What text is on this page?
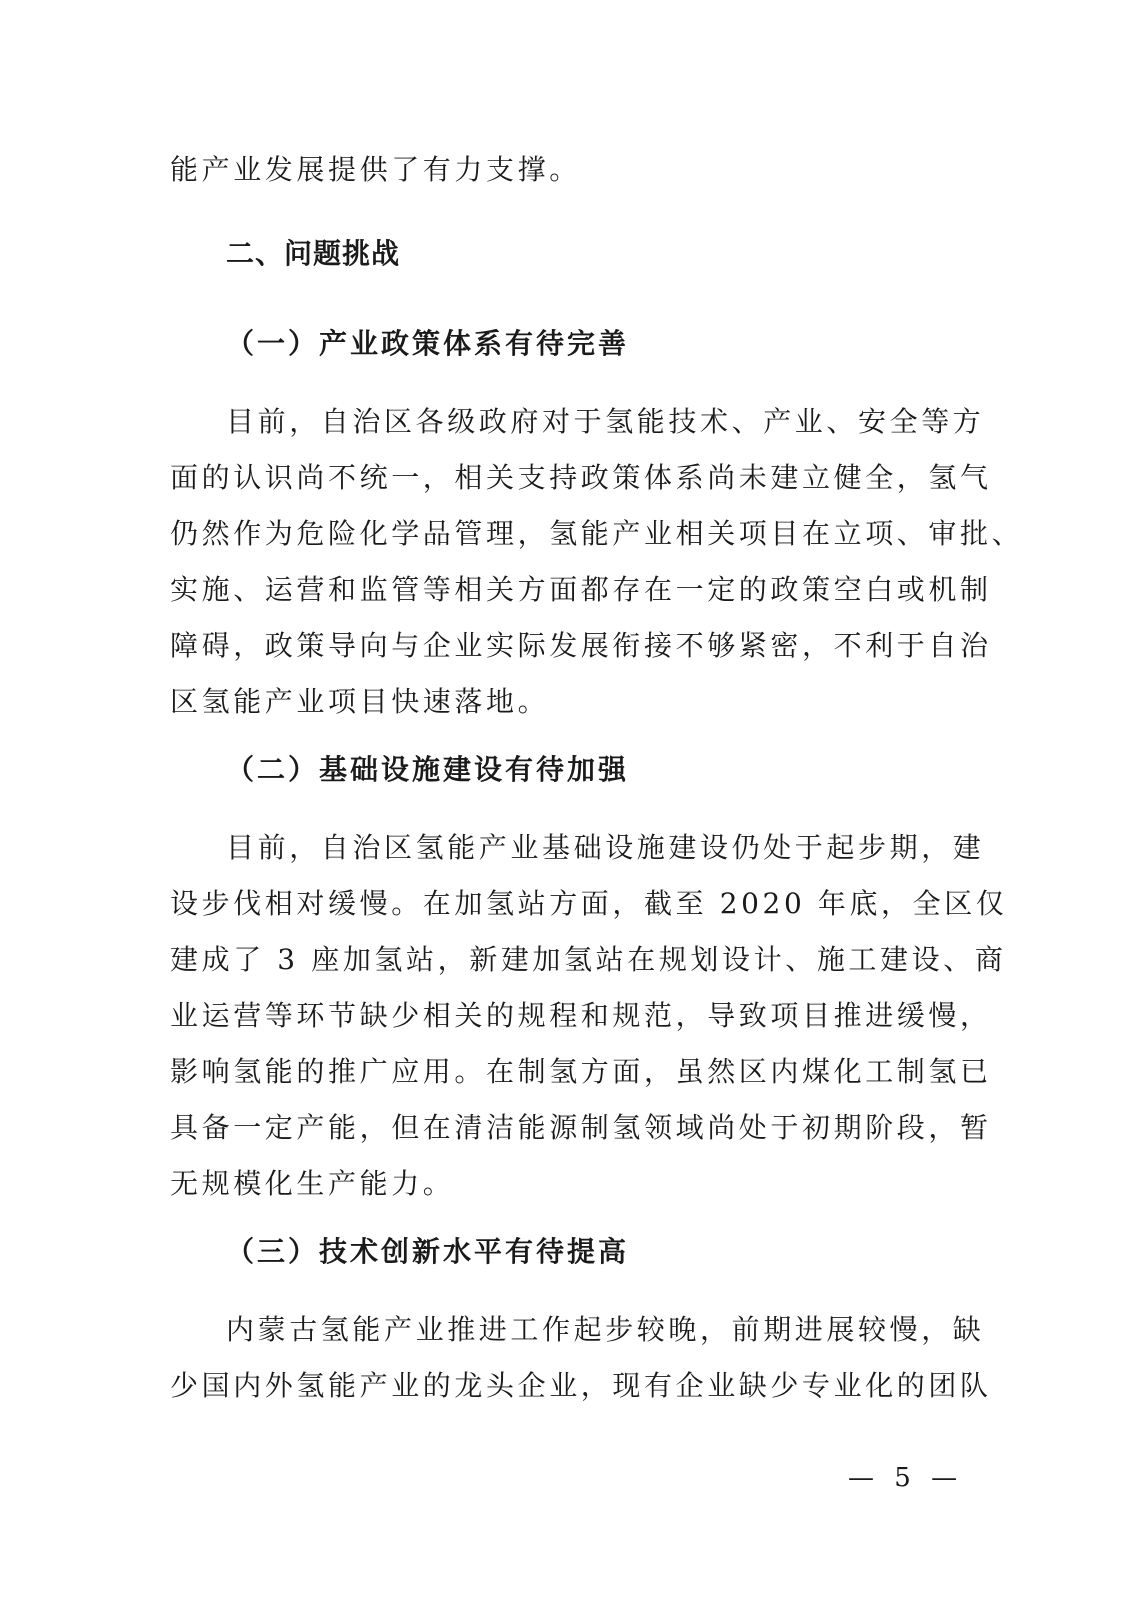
能产业发展提供了有力支撑。
二、问题挑战
（一）产业政策体系有待完善
目前，自治区各级政府对于氢能技术、产业、安全等方
面的认识尚不统一，相关支持政策体系尚未建立健全，氢气
仍然作为危险化学品管理，氢能产业相关项目在立项、审批、
实施、运营和监管等相关方面都存在一定的政策空白或机制
障碍，政策导向与企业实际发展衔接不够紧密，不利于自治
区氢能产业项目快速落地。
（二）基础设施建设有待加强
目前，自治区氢能产业基础设施建设仍处于起步期，建
设步伐相对缓慢。在加氢站方面，截至 2020 年底，全区仅
建成了 3 座加氢站，新建加氢站在规划设计、施工建设、商
业运营等环节缺少相关的规程和规范，导致项目推进缓慢，
影响氢能的推广应用。在制氢方面，虽然区内煤化工制氢已
具备一定产能，但在清洁能源制氢领域尚处于初期阶段，暂
无规模化生产能力。
（三）技术创新水平有待提高
内蒙古氢能产业推进工作起步较晚，前期进展较慢，缺
少国内外氢能产业的龙头企业，现有企业缺少专业化的团队
— 5 —
